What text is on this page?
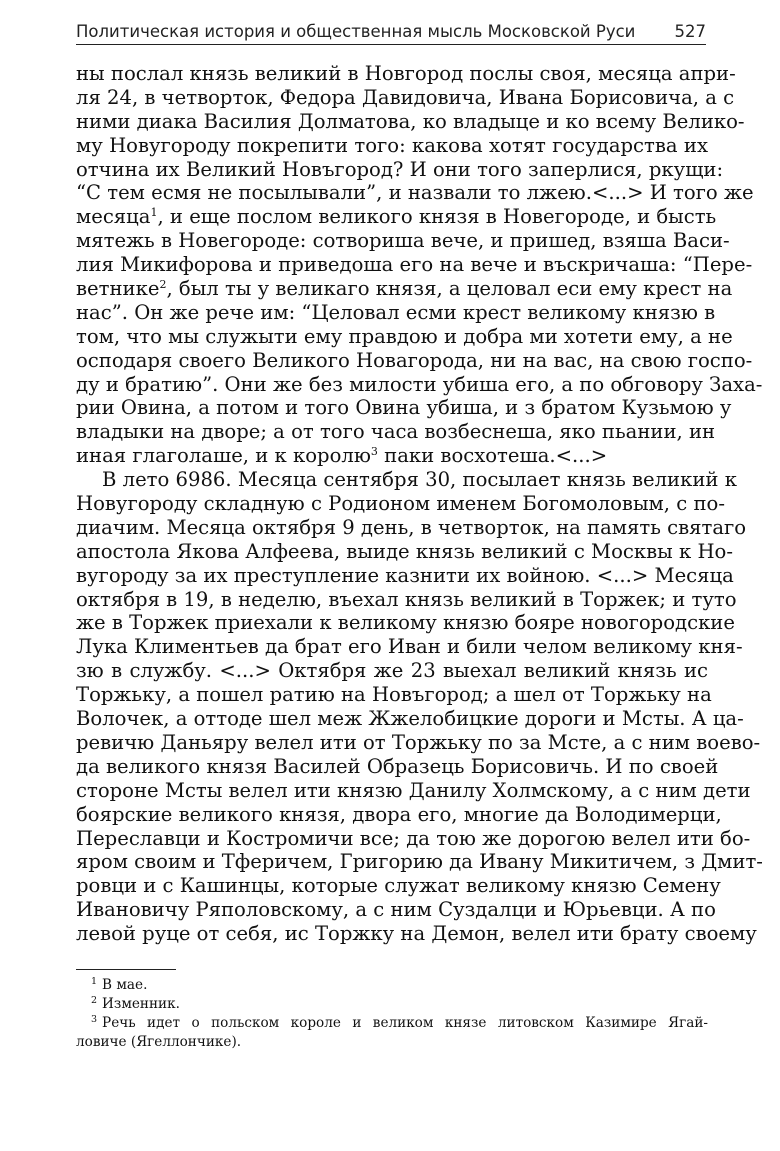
Политическая история и общественная мысль Московской Руси 527
ны послал князь великий в Новгород послы своя, месяца апри-
ля 24, в четворток, Федора Давидовича, Ивана Борисовича, а с
ними диака Василия Долматова, ко владыце и ко всему Велико-
му Новугороду покрепити того: какова хотят государства их
отчина их Великий Новъгород? И они того заперлися, ркущи:
“С тем есмя не посылывали”, и назвали то лжею.<...> И того же
месяца$^1$, и еще послом великого князя в Новегороде, и бысть
мятежь в Новегороде: сотвориша вече, и пришед, взяша Васи-
лия Микифорова и приведоша его на вече и въскричаша: “Пере-
ветнике$^2$, был ты у великаго князя, а целовал еси ему крест на
нас”. Он же рече им: “Целовал есми крест великому князю в
том, что мы служыти ему правдою и добра ми хотети ему, а не
осподаря своего Великого Новагорода, ни на вас, на свою госпо-
ду и братию”. Они же без милости убиша его, а по обговору Заха-
рии Овина, а потом и того Овина убиша, и з братом Кузьмою у
владыки на дворе; а от того часа возбеснеша, яко пьании, ин
иная глаголаше, и к королю$^3$ паки восхотеша.<...>
В лето 6986. Месяца сентября 30, посылает князь великий к
Новугороду складную с Родионом именем Богомоловым, с по-
диачим. Месяца октября 9 день, в четворток, на память святаго
апостола Якова Алфеева, выиде князь великий с Москвы к Но-
вугороду за их преступление казнити их войною. <...> Месяца
октября в 19, в неделю, въехал князь великий в Торжек; и туто
же в Торжек приехали к великому князю бояре новогородские
Лука Климентьев да брат его Иван и били челом великому кня-
зю в службу. <...> Октября же 23 выехал великий князь ис
Торжьку, а пошел ратию на Новъгород; а шел от Торжьку на
Волочек, а оттоде шел меж Жжелобицкие дороги и Мсты. А ца-
ревичю Даньяру велел ити от Торжьку по за Мсте, а с ним воево-
да великого князя Василей Образець Борисовичь. И по своей
стороне Мсты велел ити князю Данилу Холмскому, а с ним дети
боярские великого князя, двора его, многие да Володимерци,
Переславци и Костромичи все; да тою же дорогою велел ити бо-
яром своим и Тферичем, Григорию да Ивану Микитичем, з Дмит-
ровци и с Кашинцы, которые служат великому князю Семену
Ивановичу Ряполовскому, а с ним Суздалци и Юрьевци. А по
левой руце от себя, ис Торжку на Демон, велел ити брату своему
$^1$ В мае.
$^2$ Изменник.
$^3$ Речь идет о польском короле и великом князе литовском Казимире Ягай-
ловиче (Ягеллончике).
